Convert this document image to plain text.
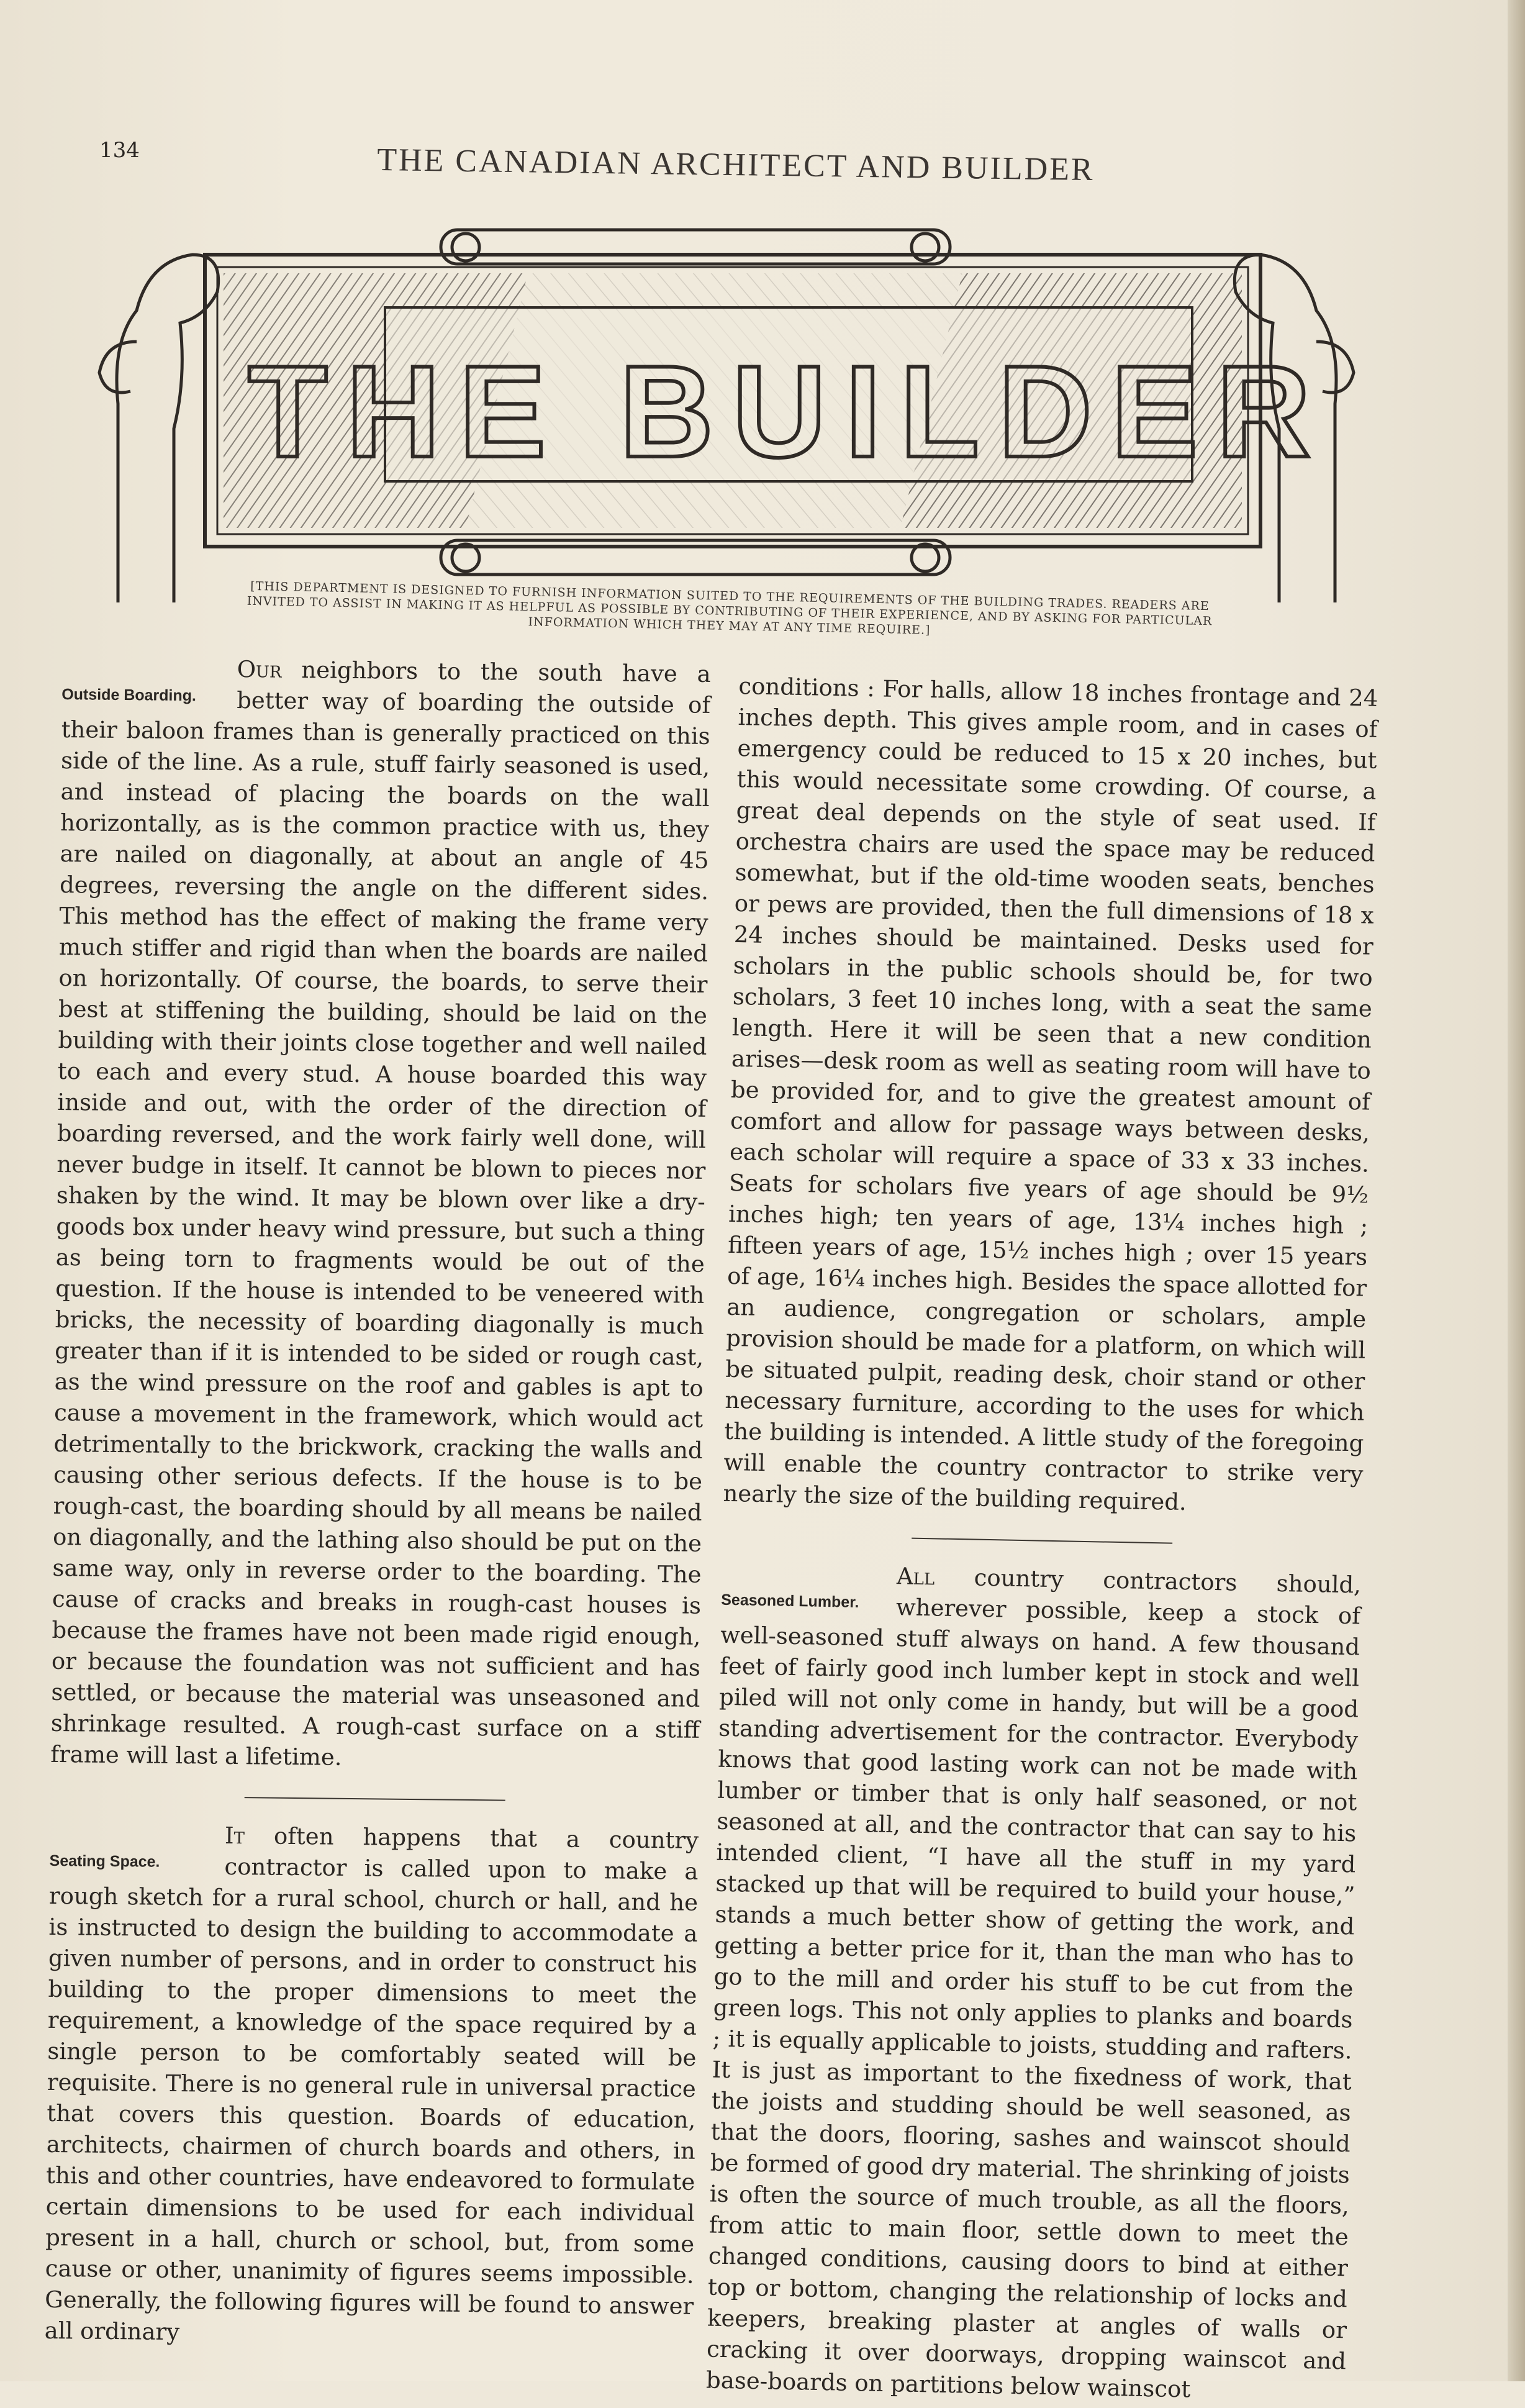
134	THE CANADIAN ARCHITECT AND BUILDER
THE BUILDER
[THIS DEPARTMENT IS DESIGNED TO FURNISH INFORMATION SUITED TO THE REQUIREMENTS OF THE BUILDING TRADES. READERS ARE INVITED TO ASSIST IN MAKING IT AS HELPFUL AS POSSIBLE BY CONTRIBUTING OF THEIR EXPERIENCE, AND BY ASKING FOR PARTICULAR INFORMATION WHICH THEY MAY AT ANY TIME REQUIRE.]
Outside Boarding.

Our neighbors to the south have a better way of boarding the outside of their baloon frames than is generally practiced on this side of the line. As a rule, stuff fairly seasoned is used, and instead of placing the boards on the wall horizontally, as is the common practice with us, they are nailed on diagonally, at about an angle of 45 degrees, reversing the angle on the different sides. This method has the effect of making the frame very much stiffer and rigid than when the boards are nailed on horizontally. Of course, the boards, to serve their best at stiffening the building, should be laid on the building with their joints close together and well nailed to each and every stud. A house boarded this way inside and out, with the order of the direction of boarding reversed, and the work fairly well done, will never budge in itself. It cannot be blown to pieces nor shaken by the wind. It may be blown over like a dry-goods box under heavy wind pressure, but such a thing as being torn to fragments would be out of the question. If the house is intended to be veneered with bricks, the necessity of boarding diagonally is much greater than if it is intended to be sided or rough cast, as the wind pressure on the roof and gables is apt to cause a movement in the framework, which would act detrimentally to the brickwork, cracking the walls and causing other serious defects. If the house is to be rough-cast, the boarding should by all means be nailed on diagonally, and the lathing also should be put on the same way, only in reverse order to the boarding. The cause of cracks and breaks in rough-cast houses is because the frames have not been made rigid enough, or because the foundation was not sufficient and has settled, or because the material was unseasoned and shrinkage resulted. A rough-cast surface on a stiff frame will last a lifetime.

Seating Space.

It often happens that a country contractor is called upon to make a rough sketch for a rural school, church or hall, and he is instructed to design the building to accommodate a given number of persons, and in order to construct his building to the proper dimensions to meet the requirement, a knowledge of the space required by a single person to be comfortably seated will be requisite. There is no general rule in universal practice that covers this question. Boards of education, architects, chairmen of church boards and others, in this and other countries, have endeavored to formulate certain dimensions to be used for each individual present in a hall, church or school, but, from some cause or other, unanimity of figures seems impossible. Generally, the following figures will be found to answer all ordinary

conditions : For halls, allow 18 inches frontage and 24 inches depth. This gives ample room, and in cases of emergency could be reduced to 15 x 20 inches, but this would necessitate some crowding. Of course, a great deal depends on the style of seat used. If orchestra chairs are used the space may be reduced somewhat, but if the old-time wooden seats, benches or pews are provided, then the full dimensions of 18 x 24 inches should be maintained. Desks used for scholars in the public schools should be, for two scholars, 3 feet 10 inches long, with a seat the same length. Here it will be seen that a new condition arises—desk room as well as seating room will have to be provided for, and to give the greatest amount of comfort and allow for passage ways between desks, each scholar will require a space of 33 x 33 inches. Seats for scholars five years of age should be 9½ inches high; ten years of age, 13¼ inches high ; fifteen years of age, 15½ inches high ; over 15 years of age, 16¼ inches high. Besides the space allotted for an audience, congregation or scholars, ample provision should be made for a platform, on which will be situated pulpit, reading desk, choir stand or other necessary furniture, according to the uses for which the building is intended. A little study of the foregoing will enable the country contractor to strike very nearly the size of the building required.

Seasoned Lumber.

All country contractors should, wherever possible, keep a stock of well-seasoned stuff always on hand. A few thousand feet of fairly good inch lumber kept in stock and well piled will not only come in handy, but will be a good standing advertisement for the contractor. Everybody knows that good lasting work can not be made with lumber or timber that is only half seasoned, or not seasoned at all, and the contractor that can say to his intended client, “I have all the stuff in my yard stacked up that will be required to build your house,” stands a much better show of getting the work, and getting a better price for it, than the man who has to go to the mill and order his stuff to be cut from the green logs. This not only applies to planks and boards ; it is equally applicable to joists, studding and rafters. It is just as important to the fixedness of work, that the joists and studding should be well seasoned, as that the doors, flooring, sashes and wainscot should be formed of good dry material. The shrinking of joists is often the source of much trouble, as all the floors, from attic to main floor, settle down to meet the changed conditions, causing doors to bind at either top or bottom, changing the relationship of locks and keepers, breaking plaster at angles of walls or cracking it over doorways, dropping wainscot and base-boards on partitions below wainscot
